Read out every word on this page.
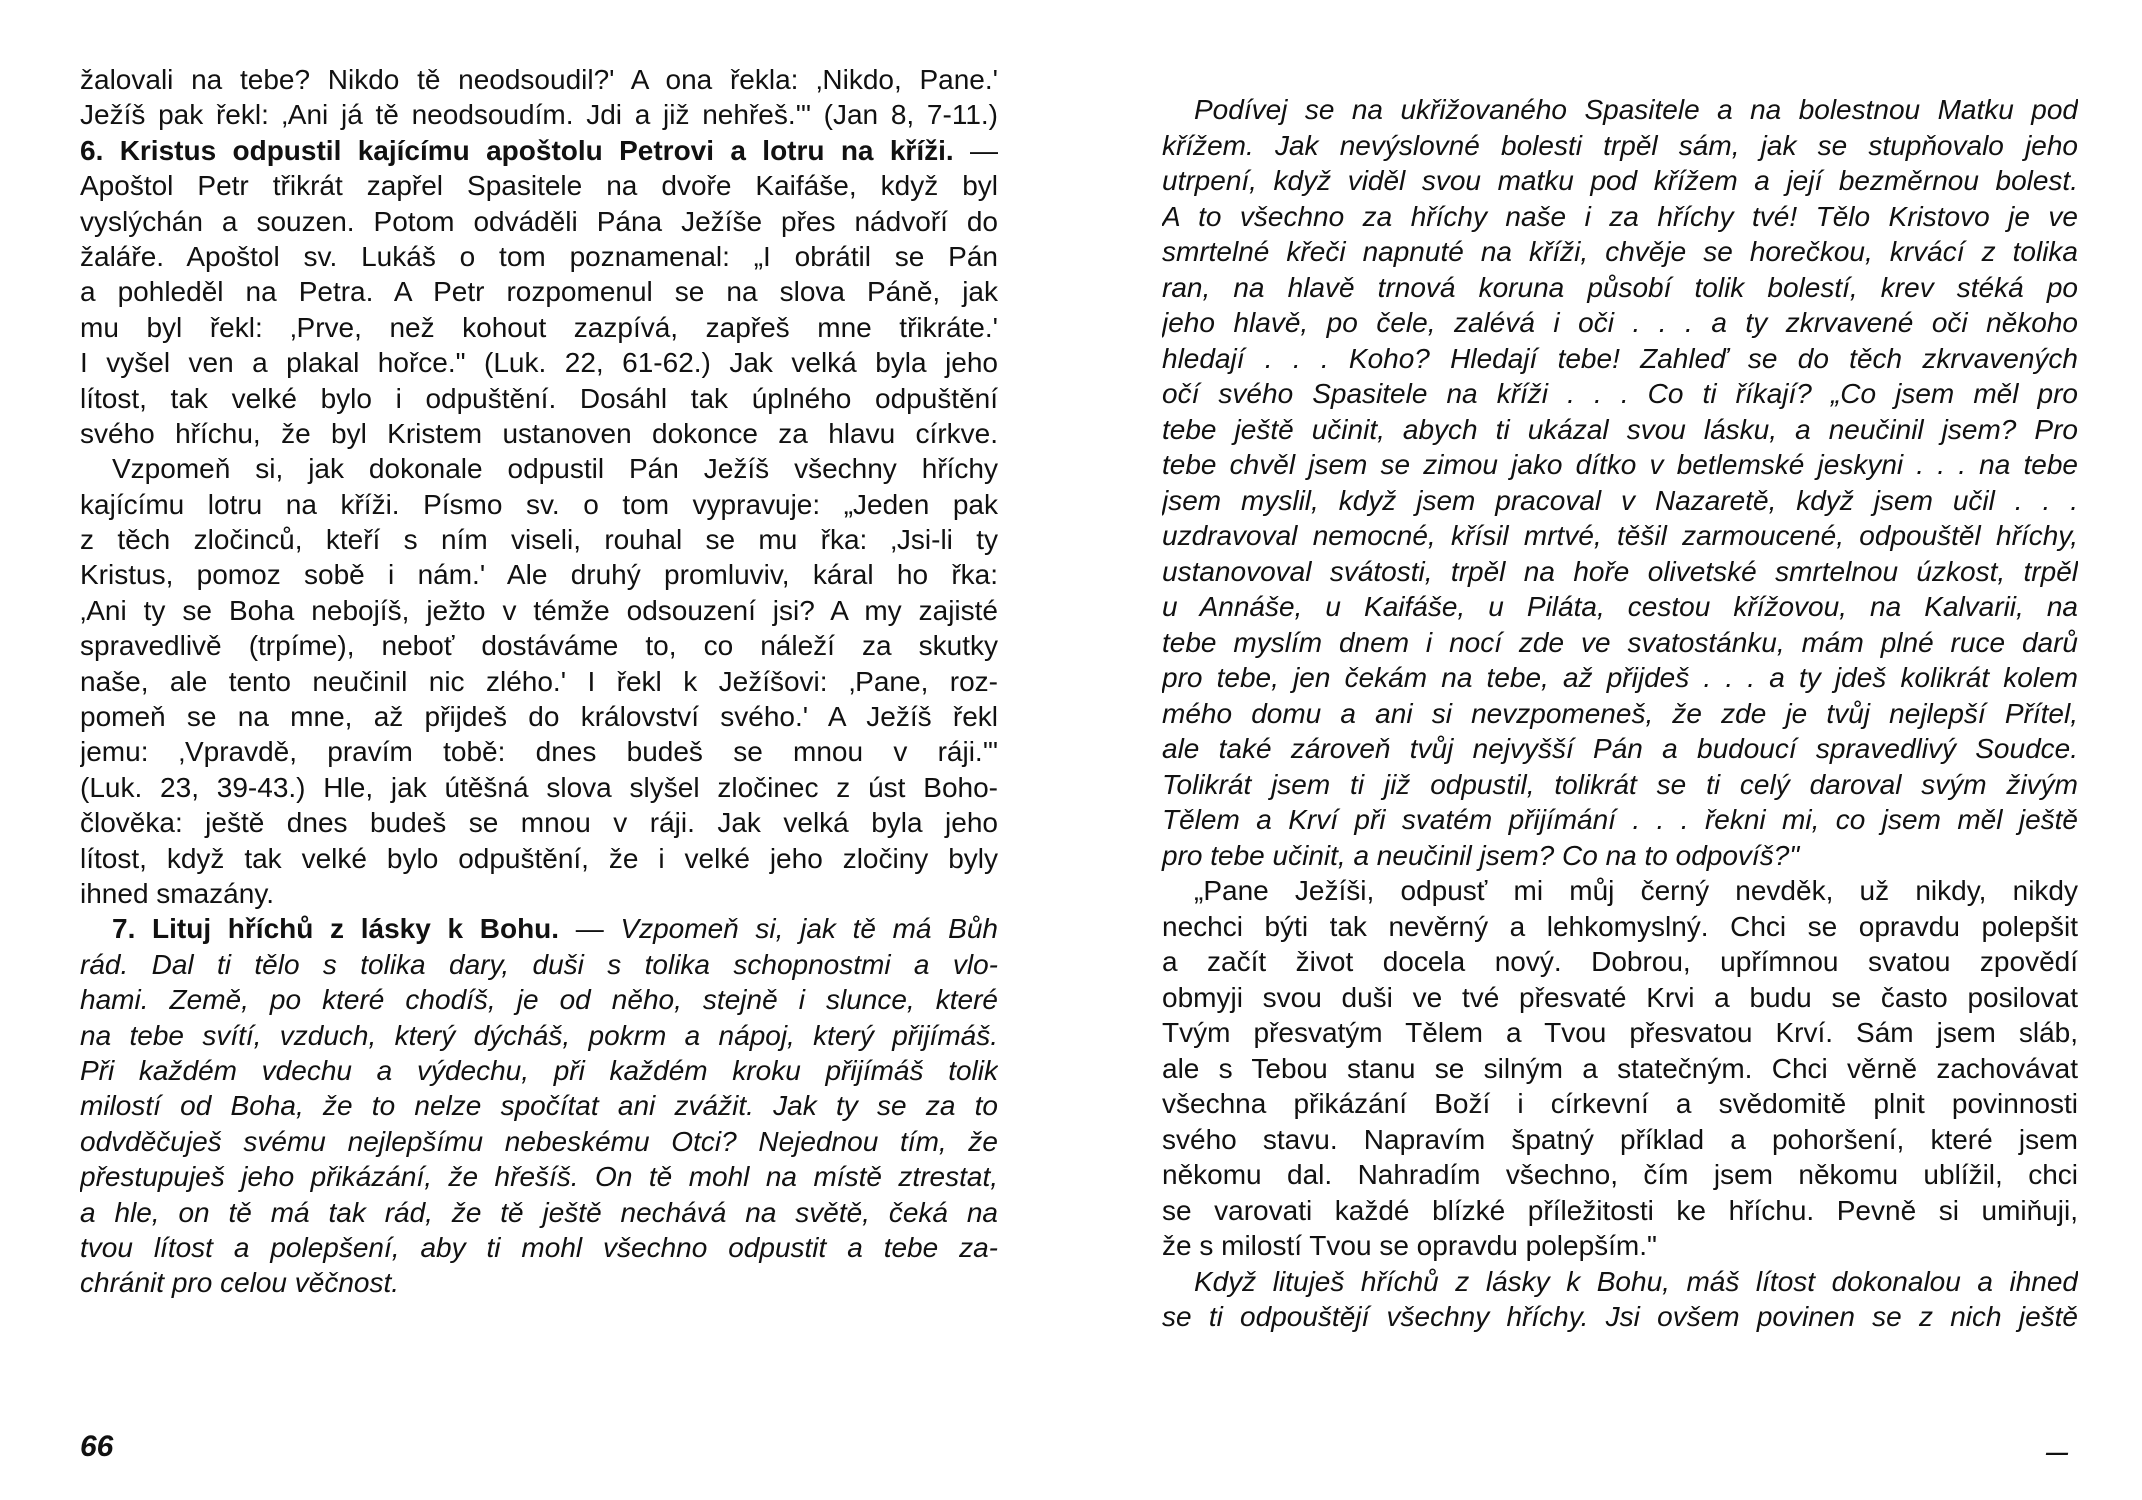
žalovali na tebe? Nikdo tě neodsoudil?' A ona řekla: ‚Nikdo, Pane.'
Ježíš pak řekl: ‚Ani já tě neodsoudím. Jdi a již nehřeš.'" (Jan 8, 7-11.)
6. Kristus odpustil kajícímu apoštolu Petrovi a lotru na kříži. —
Apoštol Petr třikrát zapřel Spasitele na dvoře Kaifáše, když byl
vyslýchán a souzen. Potom odváděli Pána Ježíše přes nádvoří do
žaláře. Apoštol sv. Lukáš o tom poznamenal: „I obrátil se Pán
a pohleděl na Petra. A Petr rozpomenul se na slova Páně, jak
mu byl řekl: ‚Prve, než kohout zazpívá, zapřeš mne třikráte.'
I vyšel ven a plakal hořce." (Luk. 22, 61-62.) Jak velká byla jeho
lítost, tak velké bylo i odpuštění. Dosáhl tak úplného odpuštění
svého hříchu, že byl Kristem ustanoven dokonce za hlavu církve.
Vzpomeň si, jak dokonale odpustil Pán Ježíš všechny hříchy
kajícímu lotru na kříži. Písmo sv. o tom vypravuje: „Jeden pak
z těch zločinců, kteří s ním viseli, rouhal se mu řka: ‚Jsi-li ty
Kristus, pomoz sobě i nám.' Ale druhý promluviv, káral ho řka:
‚Ani ty se Boha nebojíš, ježto v témže odsouzení jsi? A my zajisté
spravedlivě (trpíme), neboť dostáváme to, co náleží za skutky
naše, ale tento neučinil nic zlého.' I řekl k Ježíšovi: ‚Pane, roz-
pomeň se na mne, až přijdeš do království svého.' A Ježíš řekl
jemu: ‚Vpravdě, pravím tobě: dnes budeš se mnou v ráji.'"
(Luk. 23, 39-43.) Hle, jak útěšná slova slyšel zločinec z úst Boho-
člověka: ještě dnes budeš se mnou v ráji. Jak velká byla jeho
lítost, když tak velké bylo odpuštění, že i velké jeho zločiny byly
ihned smazány.
7. Lituj hříchů z lásky k Bohu. — Vzpomeň si, jak tě má Bůh
rád. Dal ti tělo s tolika dary, duši s tolika schopnostmi a vlo-
hami. Země, po které chodíš, je od něho, stejně i slunce, které
na tebe svítí, vzduch, který dýcháš, pokrm a nápoj, který přijímáš.
Při každém vdechu a výdechu, při každém kroku přijímáš tolik
milostí od Boha, že to nelze spočítat ani zvážit. Jak ty se za to
odvděčuješ svému nejlepšímu nebeskému Otci? Nejednou tím, že
přestupuješ jeho přikázání, že hřešíš. On tě mohl na místě ztrestat,
a hle, on tě má tak rád, že tě ještě nechává na světě, čeká na
tvou lítost a polepšení, aby ti mohl všechno odpustit a tebe za-
chránit pro celou věčnost.
66
Podívej se na ukřižovaného Spasitele a na bolestnou Matku pod
křížem. Jak nevýslovné bolesti trpěl sám, jak se stupňovalo jeho
utrpení, když viděl svou matku pod křížem a její bezměrnou bolest.
A to všechno za hříchy naše i za hříchy tvé! Tělo Kristovo je ve
smrtelné křeči napnuté na kříži, chvěje se horečkou, krvácí z tolika
ran, na hlavě trnová koruna působí tolik bolestí, krev stéká po
jeho hlavě, po čele, zalévá i oči . . . a ty zkrvavené oči někoho
hledají . . . Koho? Hledají tebe! Zahleď se do těch zkrvavených
očí svého Spasitele na kříži . . . Co ti říkají? „Co jsem měl pro
tebe ještě učinit, abych ti ukázal svou lásku, a neučinil jsem? Pro
tebe chvěl jsem se zimou jako dítko v betlemské jeskyni . . . na tebe
jsem myslil, když jsem pracoval v Nazaretě, když jsem učil . . .
uzdravoval nemocné, křísil mrtvé, těšil zarmoucené, odpouštěl hříchy,
ustanovoval svátosti, trpěl na hoře olivetské smrtelnou úzkost, trpěl
u Annáše, u Kaifáše, u Piláta, cestou křížovou, na Kalvarii, na
tebe myslím dnem i nocí zde ve svatostánku, mám plné ruce darů
pro tebe, jen čekám na tebe, až přijdeš . . . a ty jdeš kolikrát kolem
mého domu a ani si nevzpomeneš, že zde je tvůj nejlepší Přítel,
ale také zároveň tvůj nejvyšší Pán a budoucí spravedlivý Soudce.
Tolikrát jsem ti již odpustil, tolikrát se ti celý daroval svým živým
Tělem a Krví při svatém přijímání . . . řekni mi, co jsem měl ještě
pro tebe učinit, a neučinil jsem? Co na to odpovíš?"
„Pane Ježíši, odpusť mi můj černý nevděk, už nikdy, nikdy
nechci býti tak nevěrný a lehkomyslný. Chci se opravdu polepšit
a začít život docela nový. Dobrou, upřímnou svatou zpovědí
obmyji svou duši ve tvé přesvaté Krvi a budu se často posilovat
Tvým přesvatým Tělem a Tvou přesvatou Krví. Sám jsem sláb,
ale s Tebou stanu se silným a statečným. Chci věrně zachovávat
všechna přikázání Boží i církevní a svědomitě plnit povinnosti
svého stavu. Napravím špatný příklad a pohoršení, které jsem
někomu dal. Nahradím všechno, čím jsem někomu ublížil, chci
se varovati každé blízké příležitosti ke hříchu. Pevně si umiňuji,
že s milostí Tvou se opravdu polepším."
Když lituješ hříchů z lásky k Bohu, máš lítost dokonalou a ihned
se ti odpouštějí všechny hříchy. Jsi ovšem povinen se z nich ještě
—
